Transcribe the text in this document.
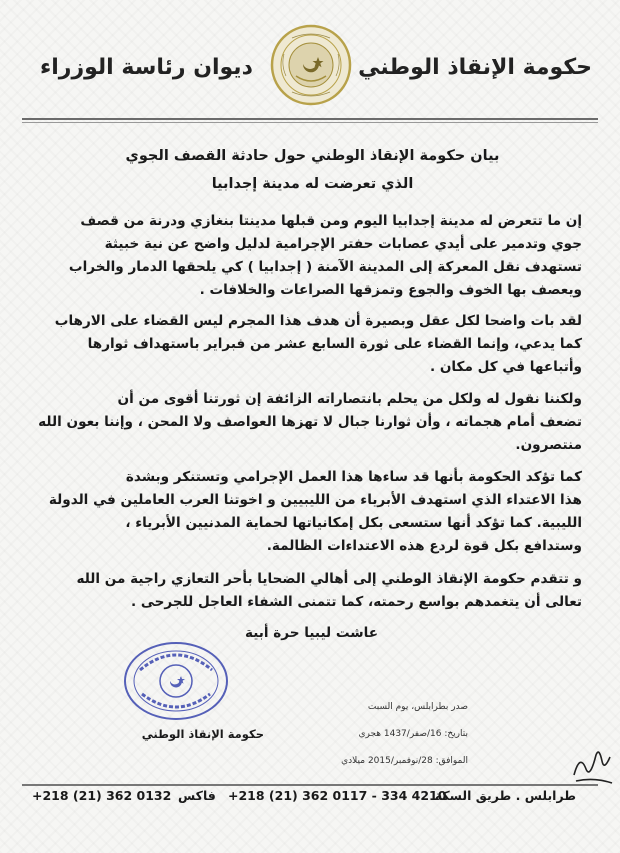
حكومة الإنقاذ الوطني
ديوان رئاسة الوزراء
بيان حكومة الإنقاذ الوطني حول حادثة القصف الجوي
الذي تعرضت له مدينة إجدابيا
إن ما تتعرض له مدينة إجدابيا اليوم ومن قبلها مدينتا بنغازي ودرنة من قصف
جوي وتدمير على أيدي عصابات حفتر الإجرامية لدليل واضح عن نية خبيثة
تستهدف نقل المعركة إلى المدينة الآمنة ( إجدابيا ) كي يلحقها الدمار والخراب
ويعصف بها الخوف والجوع وتمزقها الصراعات والخلافات .
لقد بات واضحا لكل عقل وبصيرة أن هدف هذا المجرم ليس القضاء على الارهاب
كما يدعي، وإنما القضاء على ثورة السابع عشر من فبراير باستهداف ثوارها
وأتباعها في كل مكان .
ولكننا نقول له ولكل من يحلم بانتصاراته الزائفة إن ثورتنا أقوى من أن
تضعف أمام هجماته ، وأن ثوارنا جبال لا تهزها العواصف ولا المحن ، وإننا بعون الله
منتصرون.
كما تؤكد الحكومة بأنها قد ساءها هذا العمل الإجرامي وتستنكر وبشدة
هذا الاعتداء الذي استهدف الأبرياء من الليبيين و اخوتنا العرب العاملين في الدولة
الليبية. كما تؤكد أنها ستسعى بكل إمكانياتها لحماية المدنيين الأبرياء ،
وستدافع بكل قوة لردع هذه الاعتداءات الظالمة.
و تتقدم حكومة الإنقاذ الوطني إلى أهالي الضحايا بأحر التعازي راجية من الله
تعالى أن يتغمدهم بواسع رحمته، كما تتمنى الشفاء العاجل للجرحى .
عاشت ليبيا حرة أبية
حكومة الإنقاذ الوطني
صدر بطرابلس، يوم السبت
بتاريخ: 16/صفر/1437 هجري
الموافق: 28/نوفمبر/2015 ميلادي
طرابلس . طريق السكة
+218 (21) 362 0117 - 334 4210
فاكس
+218 (21) 362 0132
